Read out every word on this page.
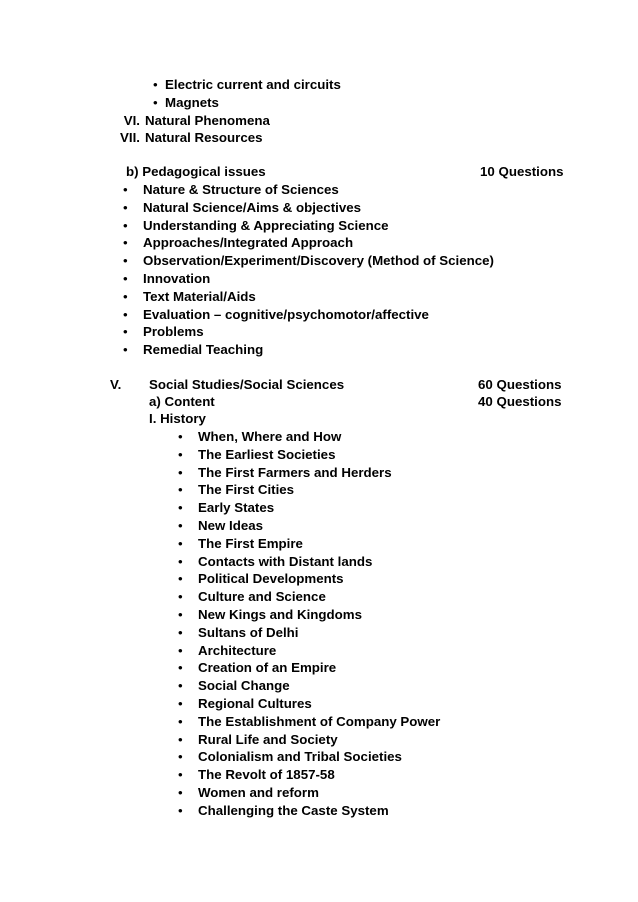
• Electric current and circuits
• Magnets
VI. Natural Phenomena
VII. Natural Resources
b) Pedagogical issues	10 Questions
• Nature & Structure of Sciences
• Natural Science/Aims & objectives
• Understanding & Appreciating Science
• Approaches/Integrated Approach
• Observation/Experiment/Discovery (Method of Science)
• Innovation
• Text Material/Aids
• Evaluation – cognitive/psychomotor/affective
• Problems
• Remedial Teaching
V. Social Studies/Social Sciences	60 Questions
a) Content	40 Questions
I. History
• When, Where and How
• The Earliest Societies
• The First Farmers and Herders
• The First Cities
• Early States
• New Ideas
• The First Empire
• Contacts with Distant lands
• Political Developments
• Culture and Science
• New Kings and Kingdoms
• Sultans of Delhi
• Architecture
• Creation of an Empire
• Social Change
• Regional Cultures
• The Establishment of Company Power
• Rural Life and Society
• Colonialism and Tribal Societies
• The Revolt of 1857-58
• Women and reform
• Challenging the Caste System
